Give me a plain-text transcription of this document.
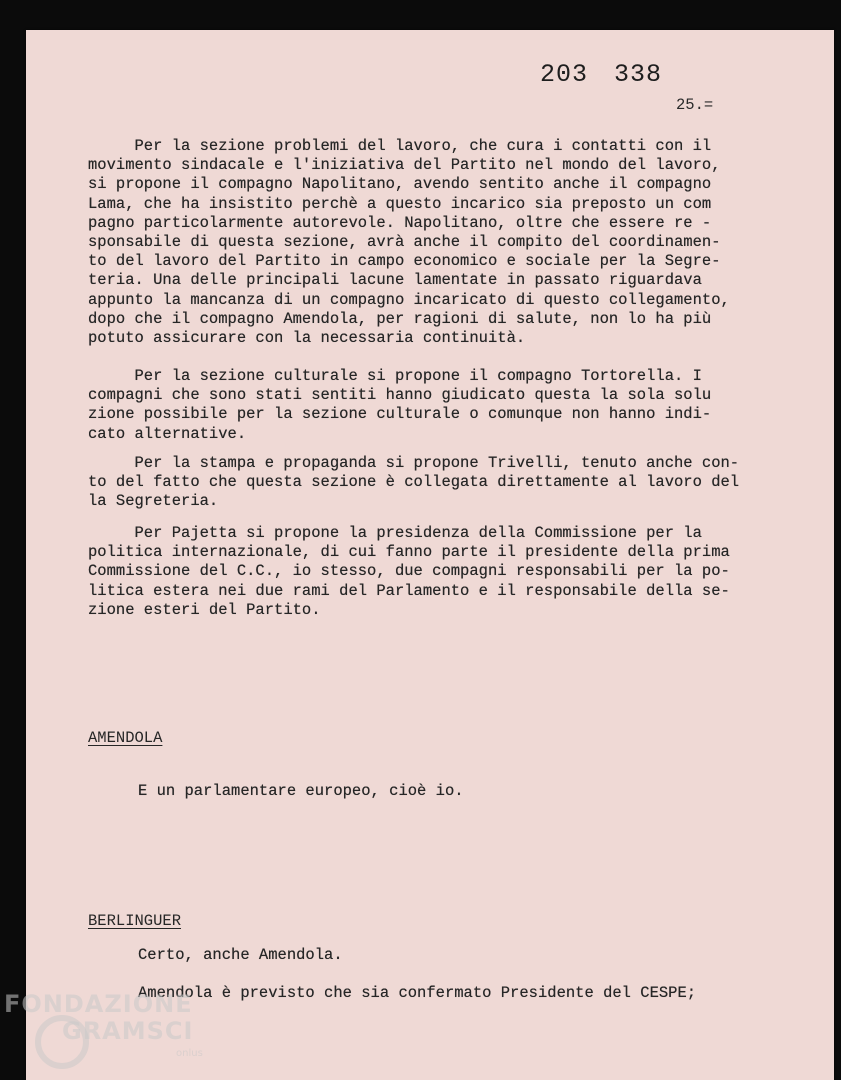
203 338
25.=
Per la sezione problemi del lavoro, che cura i contatti con il
movimento sindacale e l'iniziativa del Partito nel mondo del lavoro,
si propone il compagno Napolitano, avendo sentito anche il compagno
Lama, che ha insistito perchè a questo incarico sia preposto un com
pagno particolarmente autorevole. Napolitano, oltre che essere re -
sponsabile di questa sezione, avrà anche il compito del coordinamen-
to del lavoro del Partito in campo economico e sociale per la Segre-
teria. Una delle principali lacune lamentate in passato riguardava
appunto la mancanza di un compagno incaricato di questo collegamento,
dopo che il compagno Amendola, per ragioni di salute, non lo ha più
potuto assicurare con la necessaria continuità.
Per la sezione culturale si propone il compagno Tortorella. I
compagni che sono stati sentiti hanno giudicato questa la sola solu
zione possibile per la sezione culturale o comunque non hanno indi-
cato alternative.
Per la stampa e propaganda si propone Trivelli, tenuto anche con-
to del fatto che questa sezione è collegata direttamente al lavoro del
la Segreteria.
Per Pajetta si propone la presidenza della Commissione per la
politica internazionale, di cui fanno parte il presidente della prima
Commissione del C.C., io stesso, due compagni responsabili per la po-
litica estera nei due rami del Parlamento e il responsabile della se-
zione esteri del Partito.
AMENDOLA
E un parlamentare europeo, cioè io.
BERLINGUER
Certo, anche Amendola.
Amendola è previsto che sia confermato Presidente del CESPE;
FONDAZIONE
GRAMSCI
onlus
